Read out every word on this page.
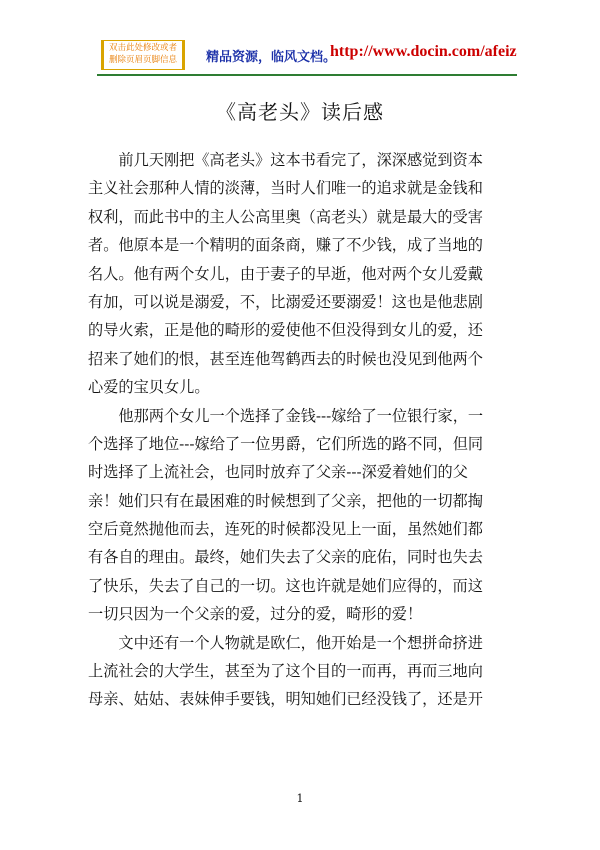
双击此处修改或者
删除页眉页脚信息 精品资源，临风文档。
http://www.docin.com/afeiz
《高老头》读后感

　　前几天刚把《高老头》这本书看完了，深深感觉到资本
主义社会那种人情的淡薄，当时人们唯一的追求就是金钱和
权利，而此书中的主人公高里奥（高老头）就是最大的受害
者。他原本是一个精明的面条商，赚了不少钱，成了当地的
名人。他有两个女儿，由于妻子的早逝，他对两个女儿爱戴
有加，可以说是溺爱，不，比溺爱还要溺爱！这也是他悲剧
的导火索，正是他的畸形的爱使他不但没得到女儿的爱，还
招来了她们的恨，甚至连他驾鹤西去的时候也没见到他两个
心爱的宝贝女儿。

　　他那两个女儿一个选择了金钱---嫁给了一位银行家，一
个选择了地位---嫁给了一位男爵，它们所选的路不同，但同
时选择了上流社会，也同时放弃了父亲---深爱着她们的父
亲！她们只有在最困难的时候想到了父亲，把他的一切都掏
空后竟然抛他而去，连死的时候都没见上一面，虽然她们都
有各自的理由。最终，她们失去了父亲的庇佑，同时也失去
了快乐，失去了自己的一切。这也许就是她们应得的，而这
一切只因为一个父亲的爱，过分的爱，畸形的爱！

　　文中还有一个人物就是欧仁，他开始是一个想拼命挤进
上流社会的大学生，甚至为了这个目的一而再，再而三地向
母亲、姑姑、表妹伸手要钱，明知她们已经没钱了，还是开

1
